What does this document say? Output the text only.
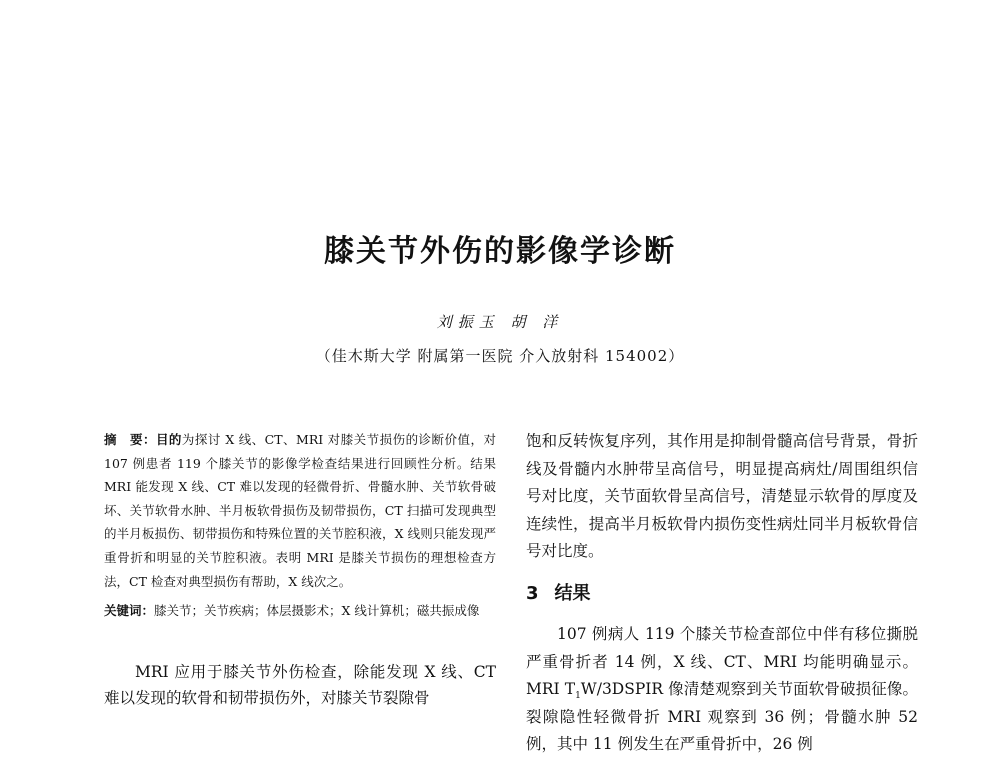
膝关节外伤的影像学诊断
刘振玉 胡 洋
（佳木斯大学 附属第一医院 介入放射科 154002）
摘　要：目的为探讨 X 线、CT、MRI 对膝关节损伤的诊断价值，对 107 例患者 119 个膝关节的影像学检查结果进行回顾性分析。结果　MRI 能发现 X 线、CT 难以发现的轻微骨折、骨髓水肿、关节软骨破坏、关节软骨水肿、半月板软骨损伤及韧带损伤，CT 扫描可发现典型的半月板损伤、韧带损伤和特殊位置的关节腔积液，X 线则只能发现严重骨折和明显的关节腔积液。表明 MRI 是膝关节损伤的理想检查方法，CT 检查对典型损伤有帮助，X 线次之。
关键词：膝关节；关节疾病；体层摄影术；X 线计算机；磁共振成像
MRI 应用于膝关节外伤检查，除能发现 X 线、CT 难以发现的软骨和韧带损伤外，对膝关节裂隙骨
饱和反转恢复序列，其作用是抑制骨髓高信号背景，骨折线及骨髓内水肿带呈高信号，明显提高病灶/周围组织信号对比度，关节面软骨呈高信号，清楚显示软骨的厚度及连续性，提高半月板软骨内损伤变性病灶同半月板软骨信号对比度。
3 结果
107 例病人 119 个膝关节检查部位中伴有移位撕脱严重骨折者 14 例，X 线、CT、MRI 均能明确显示。MRI $T_1W/3DSPIR$ 像清楚观察到关节面软骨破损征像。裂隙隐性轻微骨折 MRI 观察到 36 例；骨髓水肿 52 例，其中 11 例发生在严重骨折中，26 例
